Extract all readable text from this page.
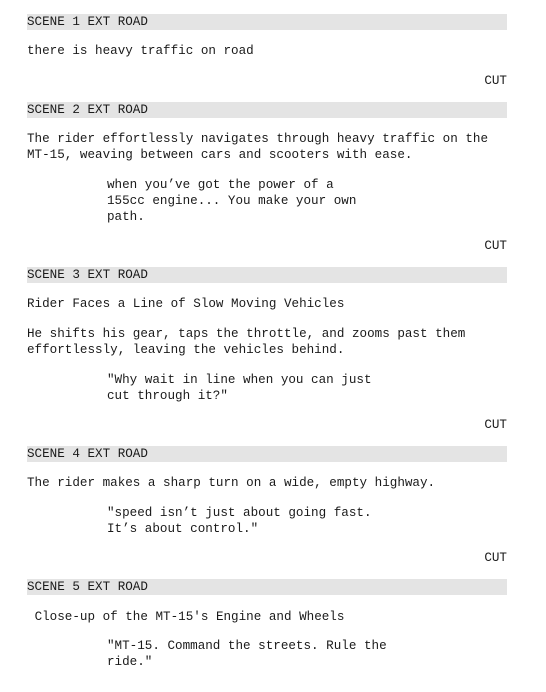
SCENE 1 EXT ROAD
there is heavy traffic on road
CUT
SCENE 2 EXT ROAD
The rider effortlessly navigates through heavy traffic on the MT-15, weaving between cars and scooters with ease.
when you’ve got the power of a 155cc engine... You make your own path.
CUT
SCENE 3 EXT ROAD
Rider Faces a Line of Slow Moving Vehicles
He shifts his gear, taps the throttle, and zooms past them effortlessly, leaving the vehicles behind.
"Why wait in line when you can just cut through it?"
CUT
SCENE 4 EXT ROAD
The rider makes a sharp turn on a wide, empty highway.
"speed isn’t just about going fast. It’s about control."
CUT
SCENE 5 EXT ROAD
Close-up of the MT-15's Engine and Wheels
"MT-15. Command the streets. Rule the ride."
